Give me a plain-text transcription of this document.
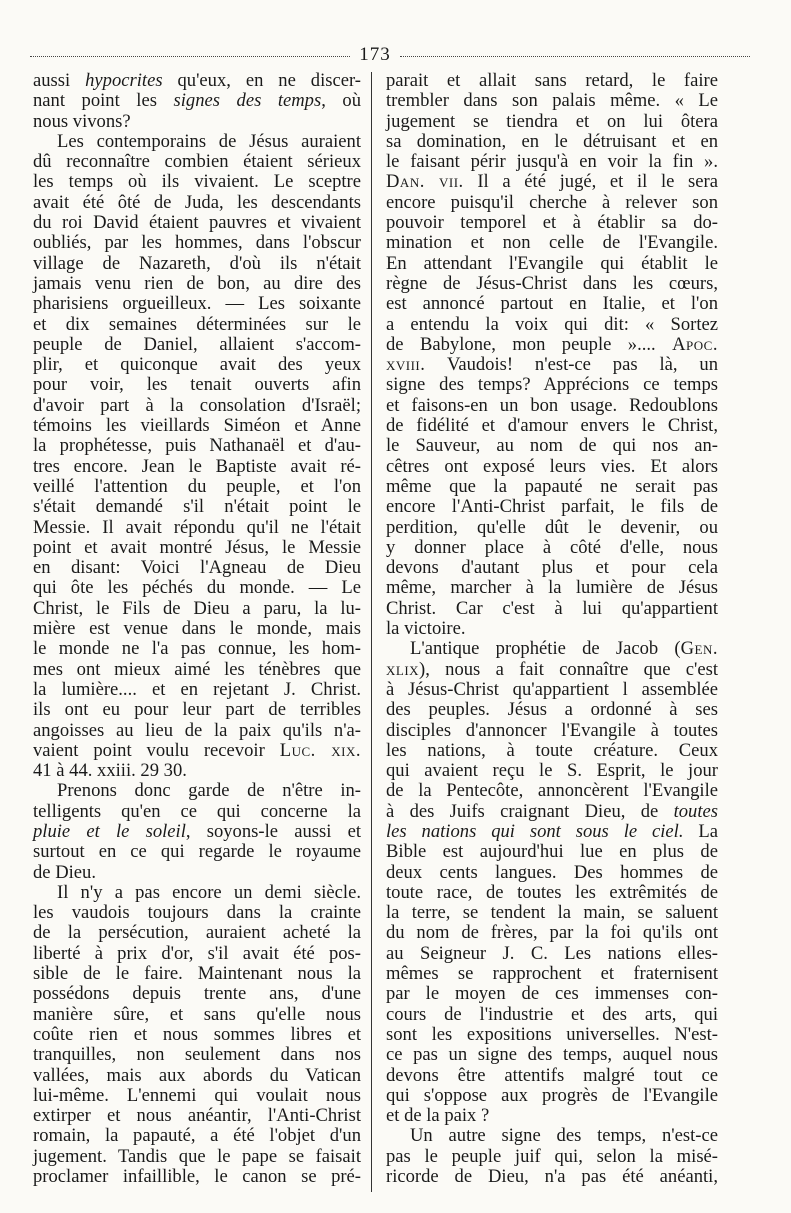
173
aussi hypocrites qu'eux, en ne discer-
nant point les signes des temps, où
nous vivons?
Les contemporains de Jésus auraient
dû reconnaître combien étaient sérieux
les temps où ils vivaient. Le sceptre
avait été ôté de Juda, les descendants
du roi David étaient pauvres et vivaient
oubliés, par les hommes, dans l'obscur
village de Nazareth, d'où ils n'était
jamais venu rien de bon, au dire des
pharisiens orgueilleux. — Les soixante
et dix semaines déterminées sur le
peuple de Daniel, allaient s'accom-
plir, et quiconque avait des yeux
pour voir, les tenait ouverts afin
d'avoir part à la consolation d'Israël;
témoins les vieillards Siméon et Anne
la prophétesse, puis Nathanaël et d'au-
tres encore. Jean le Baptiste avait ré-
veillé l'attention du peuple, et l'on
s'était demandé s'il n'était point le
Messie. Il avait répondu qu'il ne l'était
point et avait montré Jésus, le Messie
en disant: Voici l'Agneau de Dieu
qui ôte les péchés du monde. — Le
Christ, le Fils de Dieu a paru, la lu-
mière est venue dans le monde, mais
le monde ne l'a pas connue, les hom-
mes ont mieux aimé les ténèbres que
la lumière.... et en rejetant J. Christ.
ils ont eu pour leur part de terribles
angoisses au lieu de la paix qu'ils n'a-
vaient point voulu recevoir Luc. xix.
41 à 44. xxiii. 29 30.
Prenons donc garde de n'être in-
telligents qu'en ce qui concerne la
pluie et le soleil, soyons-le aussi et
surtout en ce qui regarde le royaume
de Dieu.
Il n'y a pas encore un demi siècle.
les vaudois toujours dans la crainte
de la persécution, auraient acheté la
liberté à prix d'or, s'il avait été pos-
sible de le faire. Maintenant nous la
possédons depuis trente ans, d'une
manière sûre, et sans qu'elle nous
coûte rien et nous sommes libres et
tranquilles, non seulement dans nos
vallées, mais aux abords du Vatican
lui-même. L'ennemi qui voulait nous
extirper et nous anéantir, l'Anti-Christ
romain, la papauté, a été l'objet d'un
jugement. Tandis que le pape se faisait
proclamer infaillible, le canon se pré-
parait et allait sans retard, le faire
trembler dans son palais même. « Le
jugement se tiendra et on lui ôtera
sa domination, en le détruisant et en
le faisant périr jusqu'à en voir la fin ».
Dan. vii. Il a été jugé, et il le sera
encore puisqu'il cherche à relever son
pouvoir temporel et à établir sa do-
mination et non celle de l'Evangile.
En attendant l'Evangile qui établit le
règne de Jésus-Christ dans les cœurs,
est annoncé partout en Italie, et l'on
a entendu la voix qui dit: « Sortez
de Babylone, mon peuple ».... Apoc.
xviii. Vaudois! n'est-ce pas là, un
signe des temps? Apprécions ce temps
et faisons-en un bon usage. Redoublons
de fidélité et d'amour envers le Christ,
le Sauveur, au nom de qui nos an-
cêtres ont exposé leurs vies. Et alors
même que la papauté ne serait pas
encore l'Anti-Christ parfait, le fils de
perdition, qu'elle dût le devenir, ou
y donner place à côté d'elle, nous
devons d'autant plus et pour cela
même, marcher à la lumière de Jésus
Christ. Car c'est à lui qu'appartient
la victoire.
L'antique prophétie de Jacob (Gen.
xlix), nous a fait connaître que c'est
à Jésus-Christ qu'appartient l assemblée
des peuples. Jésus a ordonné à ses
disciples d'annoncer l'Evangile à toutes
les nations, à toute créature. Ceux
qui avaient reçu le S. Esprit, le jour
de la Pentecôte, annoncèrent l'Evangile
à des Juifs craignant Dieu, de toutes
les nations qui sont sous le ciel. La
Bible est aujourd'hui lue en plus de
deux cents langues. Des hommes de
toute race, de toutes les extrêmités de
la terre, se tendent la main, se saluent
du nom de frères, par la foi qu'ils ont
au Seigneur J. C. Les nations elles-
mêmes se rapprochent et fraternisent
par le moyen de ces immenses con-
cours de l'industrie et des arts, qui
sont les expositions universelles. N'est-
ce pas un signe des temps, auquel nous
devons être attentifs malgré tout ce
qui s'oppose aux progrès de l'Evangile
et de la paix ?
Un autre signe des temps, n'est-ce
pas le peuple juif qui, selon la misé-
ricorde de Dieu, n'a pas été anéanti,
